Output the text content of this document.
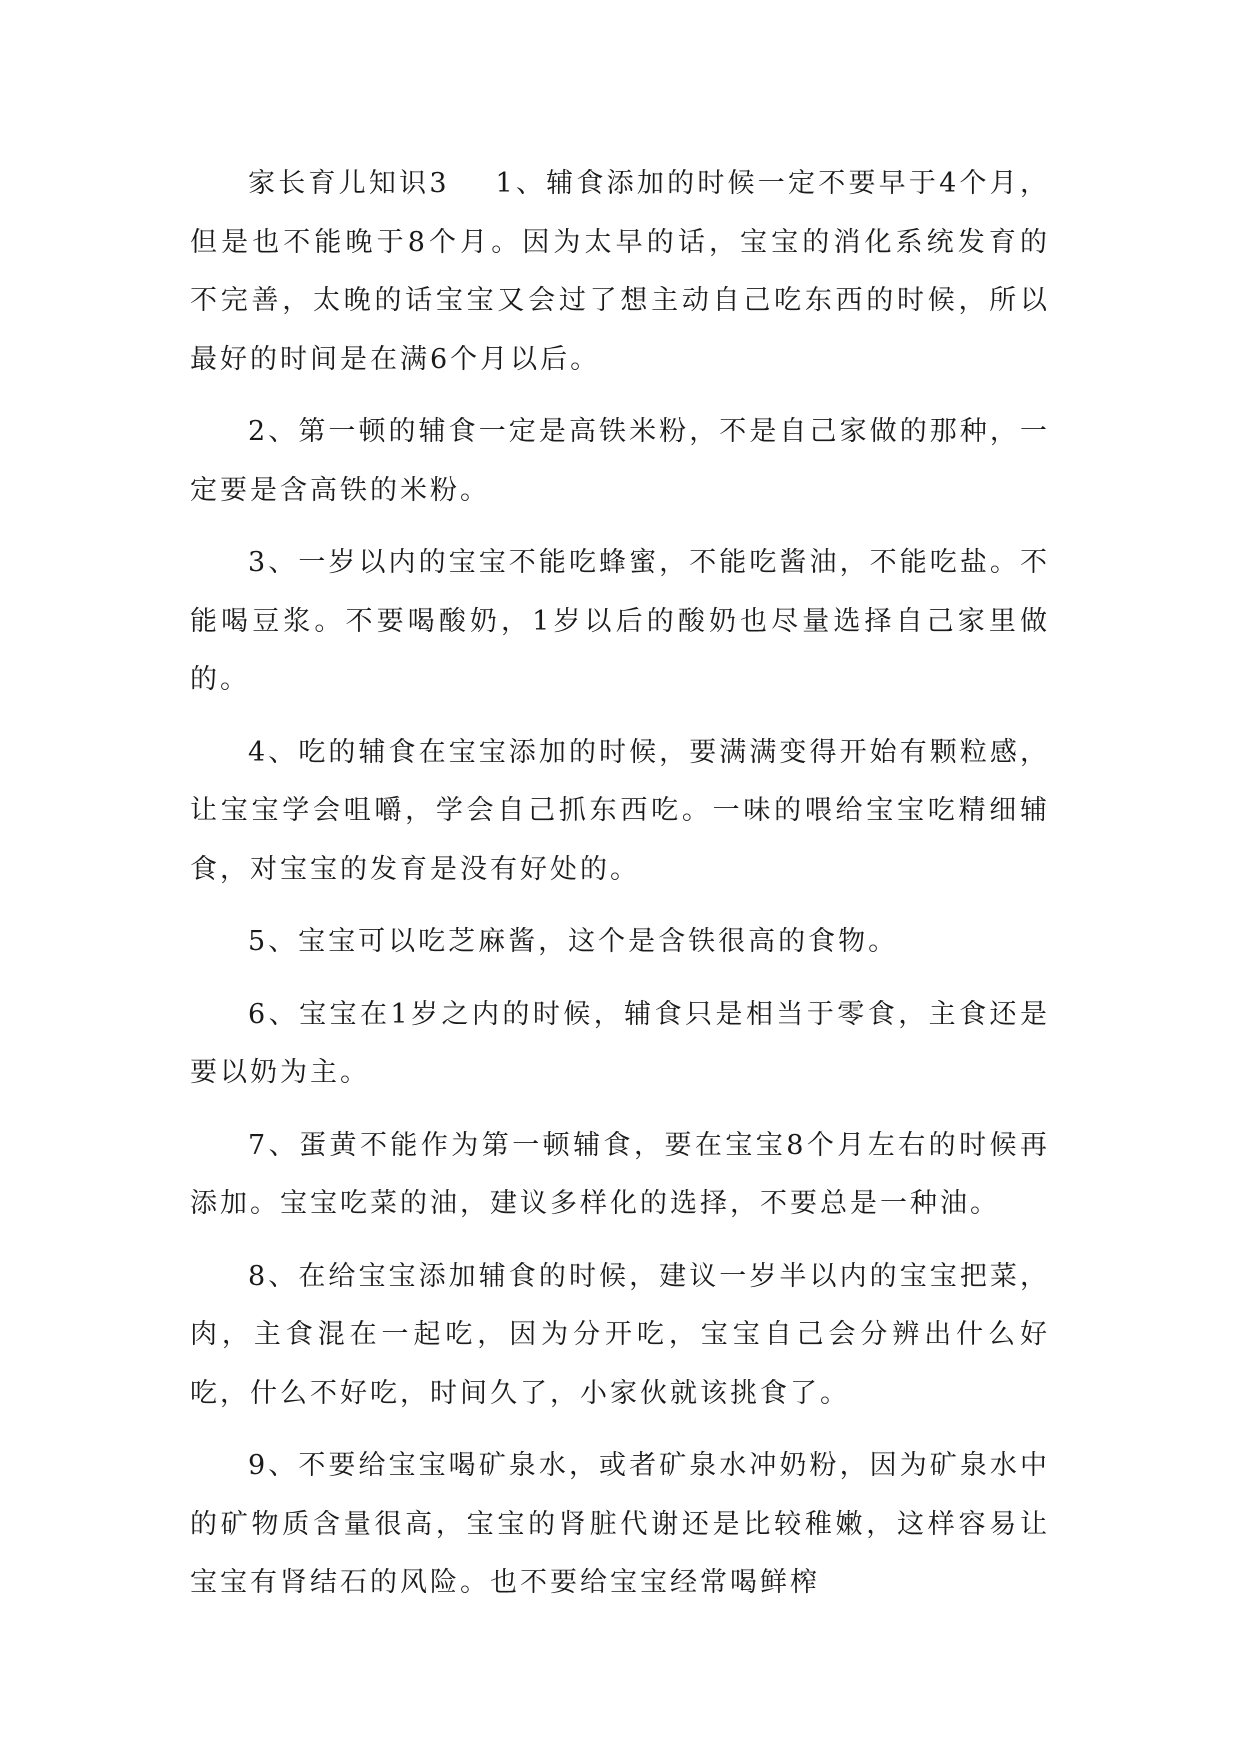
家长育儿知识3 1、辅食添加的时候一定不要早于4个月，但是也不能晚于8个月。因为太早的话，宝宝的消化系统发育的不完善，太晚的话宝宝又会过了想主动自己吃东西的时候，所以最好的时间是在满6个月以后。

2、第一顿的辅食一定是高铁米粉，不是自己家做的那种，一定要是含高铁的米粉。

3、一岁以内的宝宝不能吃蜂蜜，不能吃酱油，不能吃盐。不能喝豆浆。不要喝酸奶，1岁以后的酸奶也尽量选择自己家里做的。

4、吃的辅食在宝宝添加的时候，要满满变得开始有颗粒感，让宝宝学会咀嚼，学会自己抓东西吃。一味的喂给宝宝吃精细辅食，对宝宝的发育是没有好处的。

5、宝宝可以吃芝麻酱，这个是含铁很高的食物。

6、宝宝在1岁之内的时候，辅食只是相当于零食，主食还是要以奶为主。

7、蛋黄不能作为第一顿辅食，要在宝宝8个月左右的时候再添加。宝宝吃菜的油，建议多样化的选择，不要总是一种油。

8、在给宝宝添加辅食的时候，建议一岁半以内的宝宝把菜，肉，主食混在一起吃，因为分开吃，宝宝自己会分辨出什么好吃，什么不好吃，时间久了，小家伙就该挑食了。

9、不要给宝宝喝矿泉水，或者矿泉水冲奶粉，因为矿泉水中的矿物质含量很高，宝宝的肾脏代谢还是比较稚嫩，这样容易让宝宝有肾结石的风险。也不要给宝宝经常喝鲜榨
